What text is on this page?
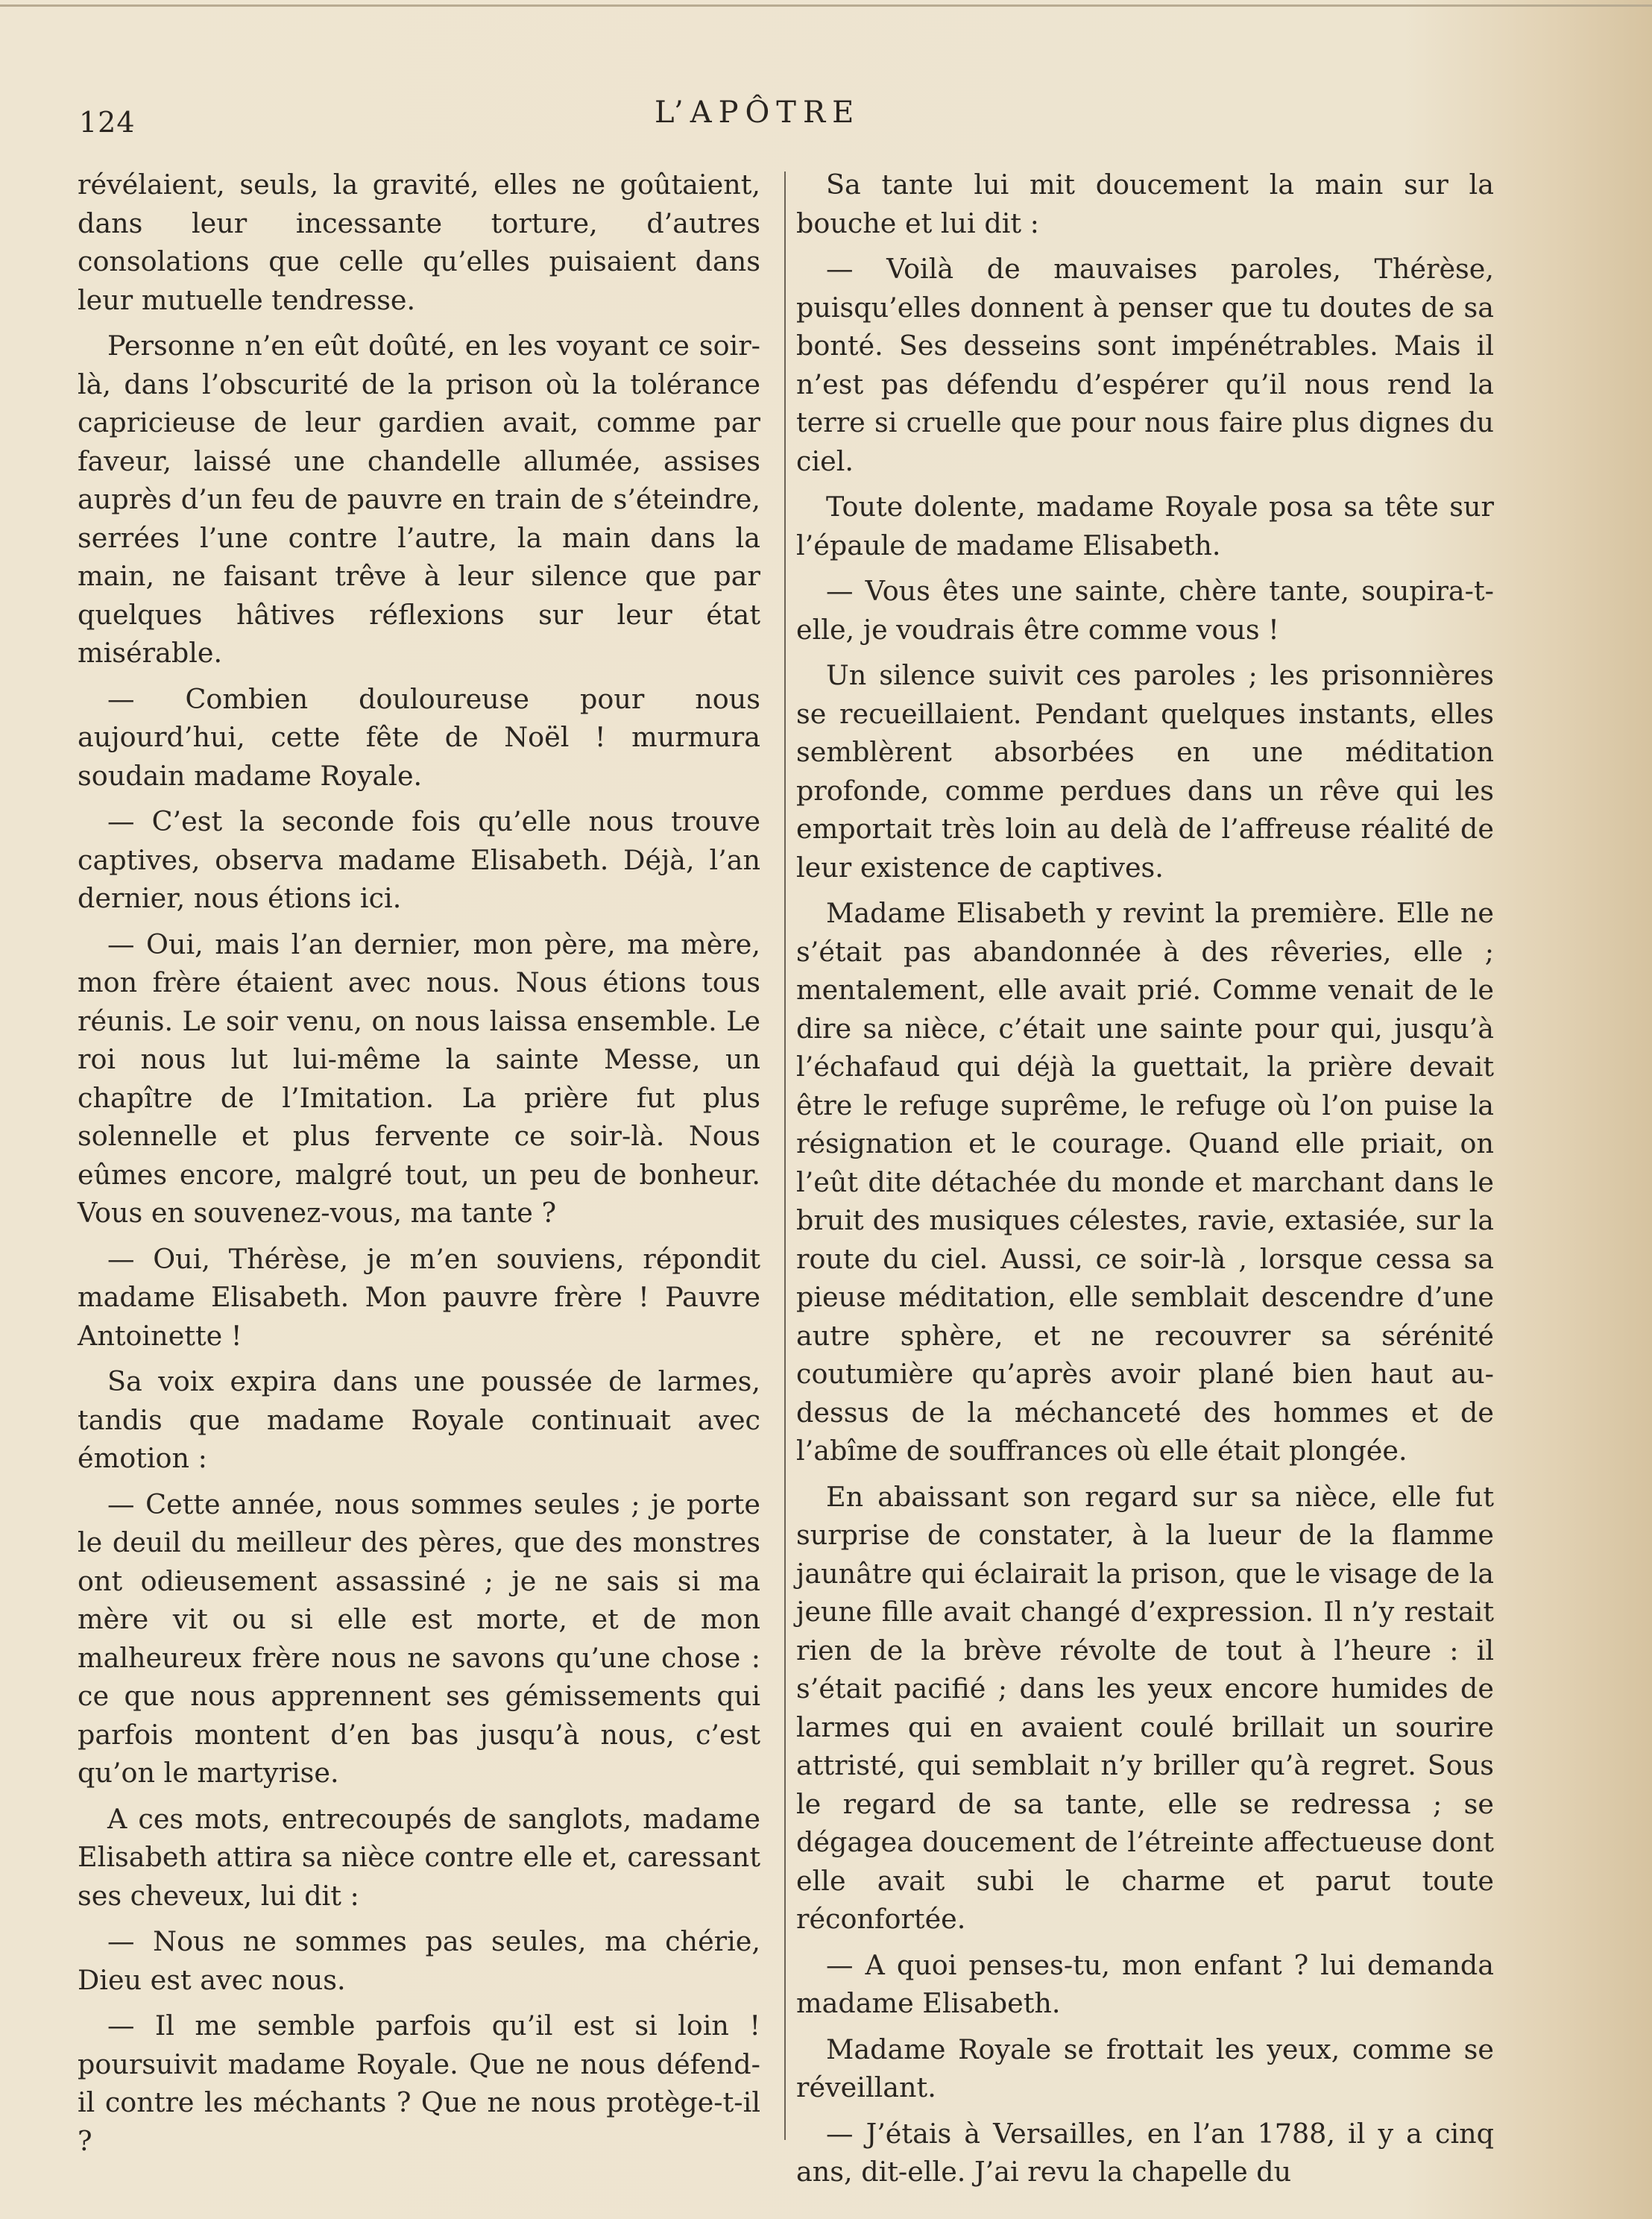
124	L’APÔTRE

révélaient, seuls, la gravité, elles ne goûtaient, dans leur incessante torture, d’autres consolations que celle qu’elles puisaient dans leur mutuelle tendresse.

Personne n’en eût doûté, en les voyant ce soir-là, dans l’obscurité de la prison où la tolérance capricieuse de leur gardien avait, comme par faveur, laissé une chandelle allumée, assises auprès d’un feu de pauvre en train de s’éteindre, serrées l’une contre l’autre, la main dans la main, ne faisant trêve à leur silence que par quelques hâtives réflexions sur leur état misérable.

— Combien douloureuse pour nous aujourd’hui, cette fête de Noël ! murmura soudain madame Royale.

— C’est la seconde fois qu’elle nous trouve captives, observa madame Elisabeth. Déjà, l’an dernier, nous étions ici.

— Oui, mais l’an dernier, mon père, ma mère, mon frère étaient avec nous. Nous étions tous réunis. Le soir venu, on nous laissa ensemble. Le roi nous lut lui-même la sainte Messe, un chapître de l’Imitation. La prière fut plus solennelle et plus fervente ce soir-là. Nous eûmes encore, malgré tout, un peu de bonheur. Vous en souvenez-vous, ma tante ?

— Oui, Thérèse, je m’en souviens, répondit madame Elisabeth. Mon pauvre frère ! Pauvre Antoinette !

Sa voix expira dans une poussée de larmes, tandis que madame Royale continuait avec émotion :

— Cette année, nous sommes seules ; je porte le deuil du meilleur des pères, que des monstres ont odieusement assassiné ; je ne sais si ma mère vit ou si elle est morte, et de mon malheureux frère nous ne savons qu’une chose : ce que nous apprennent ses gémissements qui parfois montent d’en bas jusqu’à nous, c’est qu’on le martyrise.

A ces mots, entrecoupés de sanglots, madame Elisabeth attira sa nièce contre elle et, caressant ses cheveux, lui dit :

— Nous ne sommes pas seules, ma chérie, Dieu est avec nous.

— Il me semble parfois qu’il est si loin ! poursuivit madame Royale. Que ne nous défend-il contre les méchants ? Que ne nous protège-t-il ?

Sa tante lui mit doucement la main sur la bouche et lui dit :

— Voilà de mauvaises paroles, Thérèse, puisqu’elles donnent à penser que tu doutes de sa bonté. Ses desseins sont impénétrables. Mais il n’est pas défendu d’espérer qu’il nous rend la terre si cruelle que pour nous faire plus dignes du ciel.

Toute dolente, madame Royale posa sa tête sur l’épaule de madame Elisabeth.

— Vous êtes une sainte, chère tante, soupira-t-elle, je voudrais être comme vous !

Un silence suivit ces paroles ; les prisonnières se recueillaient. Pendant quelques instants, elles semblèrent absorbées en une méditation profonde, comme perdues dans un rêve qui les emportait très loin au delà de l’affreuse réalité de leur existence de captives.

Madame Elisabeth y revint la première. Elle ne s’était pas abandonnée à des rêveries, elle ; mentalement, elle avait prié. Comme venait de le dire sa nièce, c’était une sainte pour qui, jusqu’à l’échafaud qui déjà la guettait, la prière devait être le refuge suprême, le refuge où l’on puise la résignation et le courage. Quand elle priait, on l’eût dite détachée du monde et marchant dans le bruit des musiques célestes, ravie, extasiée, sur la route du ciel. Aussi, ce soir-là , lorsque cessa sa pieuse méditation, elle semblait descendre d’une autre sphère, et ne recouvrer sa sérénité coutumière qu’après avoir plané bien haut au-dessus de la méchanceté des hommes et de l’abîme de souffrances où elle était plongée.

En abaissant son regard sur sa nièce, elle fut surprise de constater, à la lueur de la flamme jaunâtre qui éclairait la prison, que le visage de la jeune fille avait changé d’expression. Il n’y restait rien de la brève révolte de tout à l’heure : il s’était pacifié ; dans les yeux encore humides de larmes qui en avaient coulé brillait un sourire attristé, qui semblait n’y briller qu’à regret. Sous le regard de sa tante, elle se redressa ; se dégagea doucement de l’étreinte affectueuse dont elle avait subi le charme et parut toute réconfortée.

— A quoi penses-tu, mon enfant ? lui demanda madame Elisabeth.

Madame Royale se frottait les yeux, comme se réveillant.

— J’étais à Versailles, en l’an 1788, il y a cinq ans, dit-elle. J’ai revu la chapelle du
